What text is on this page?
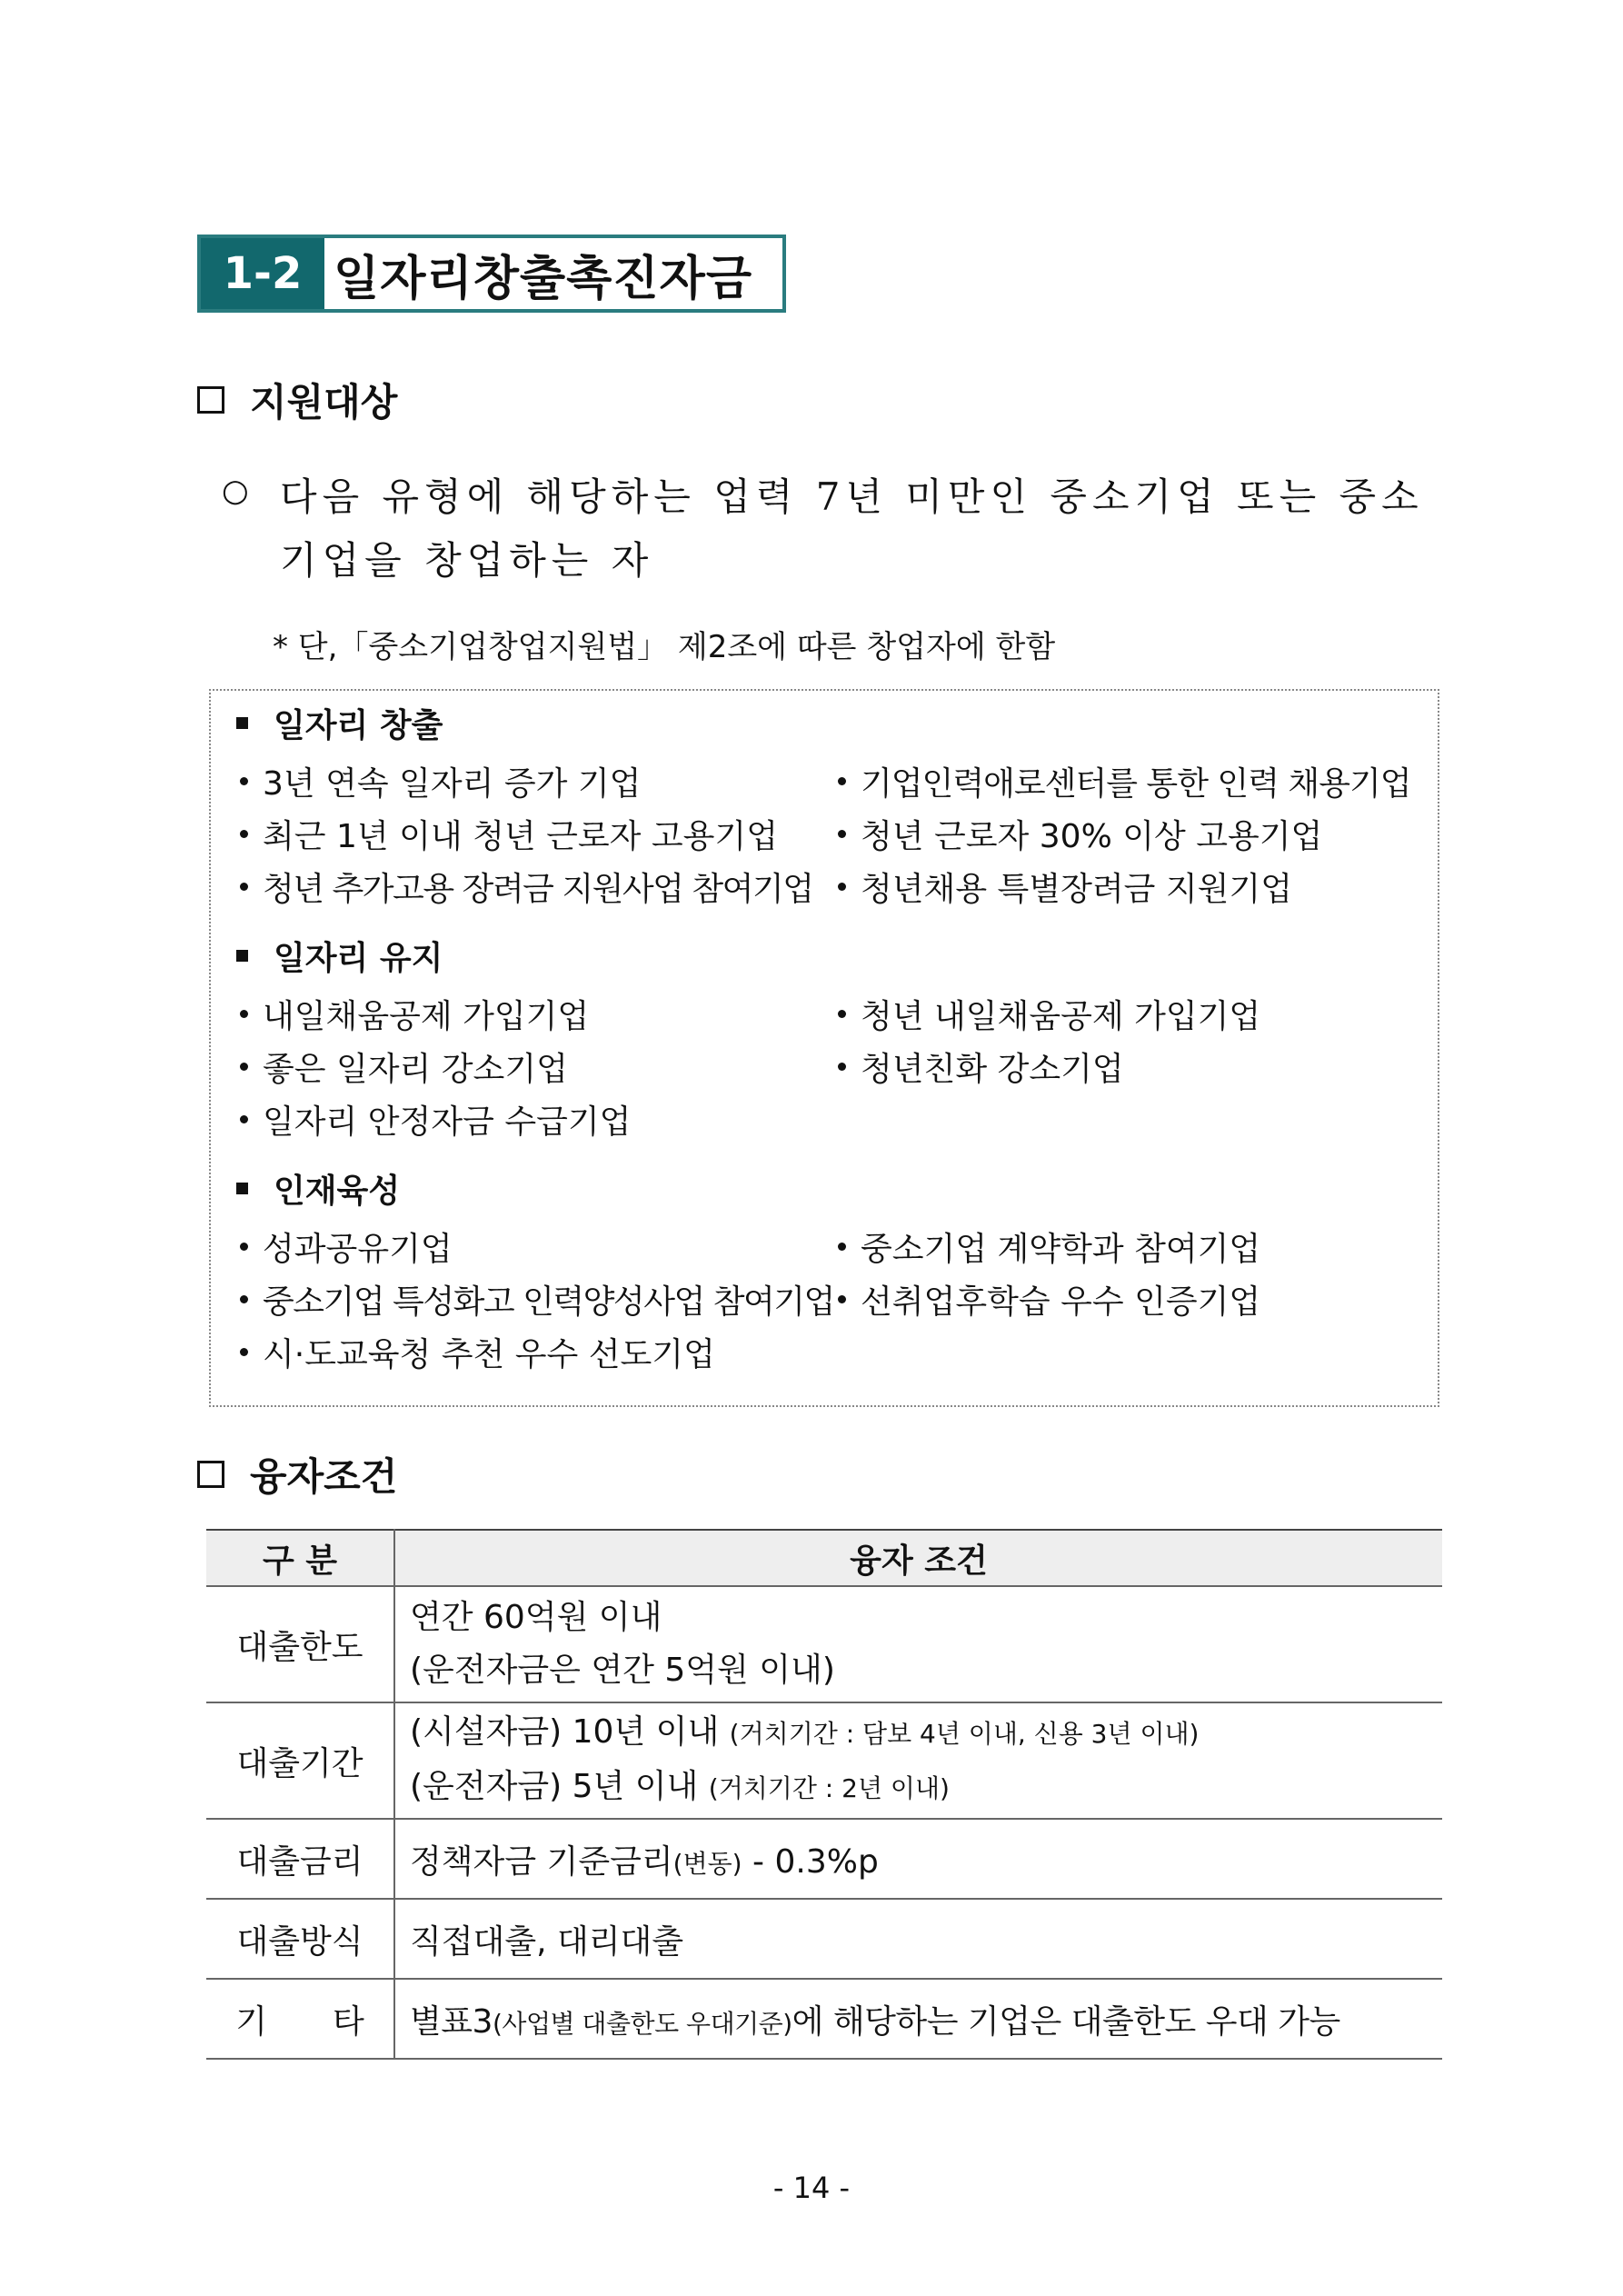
1-2 일자리창출촉진자금
지원대상
○ 다음 유형에 해당하는 업력 7년 미만인 중소기업 또는 중소
기업을 창업하는 자
* 단,「중소기업창업지원법」 제2조에 따른 창업자에 한함
일자리 창출
3년 연속 일자리 증가 기업
최근 1년 이내 청년 근로자 고용기업
청년 추가고용 장려금 지원사업 참여기업
기업인력애로센터를 통한 인력 채용기업
청년 근로자 30% 이상 고용기업
청년채용 특별장려금 지원기업
일자리 유지
내일채움공제 가입기업
좋은 일자리 강소기업
일자리 안정자금 수급기업
청년 내일채움공제 가입기업
청년친화 강소기업
인재육성
성과공유기업
중소기업 특성화고 인력양성사업 참여기업
시·도교육청 추천 우수 선도기업
중소기업 계약학과 참여기업
선취업후학습 우수 인증기업
융자조건
구 분	융자 조건
대출한도	연간 60억원 이내
(운전자금은 연간 5억원 이내)

대출기간	(시설자금) 10년 이내 (거치기간 : 담보 4년 이내, 신용 3년 이내)
(운전자금) 5년 이내 (거치기간 : 2년 이내)

대출금리	정책자금 기준금리(변동) - 0.3%p
대출방식	직접대출, 대리대출
기　　타	별표3(사업별 대출한도 우대기준)에 해당하는 기업은 대출한도 우대 가능
- 14 -
